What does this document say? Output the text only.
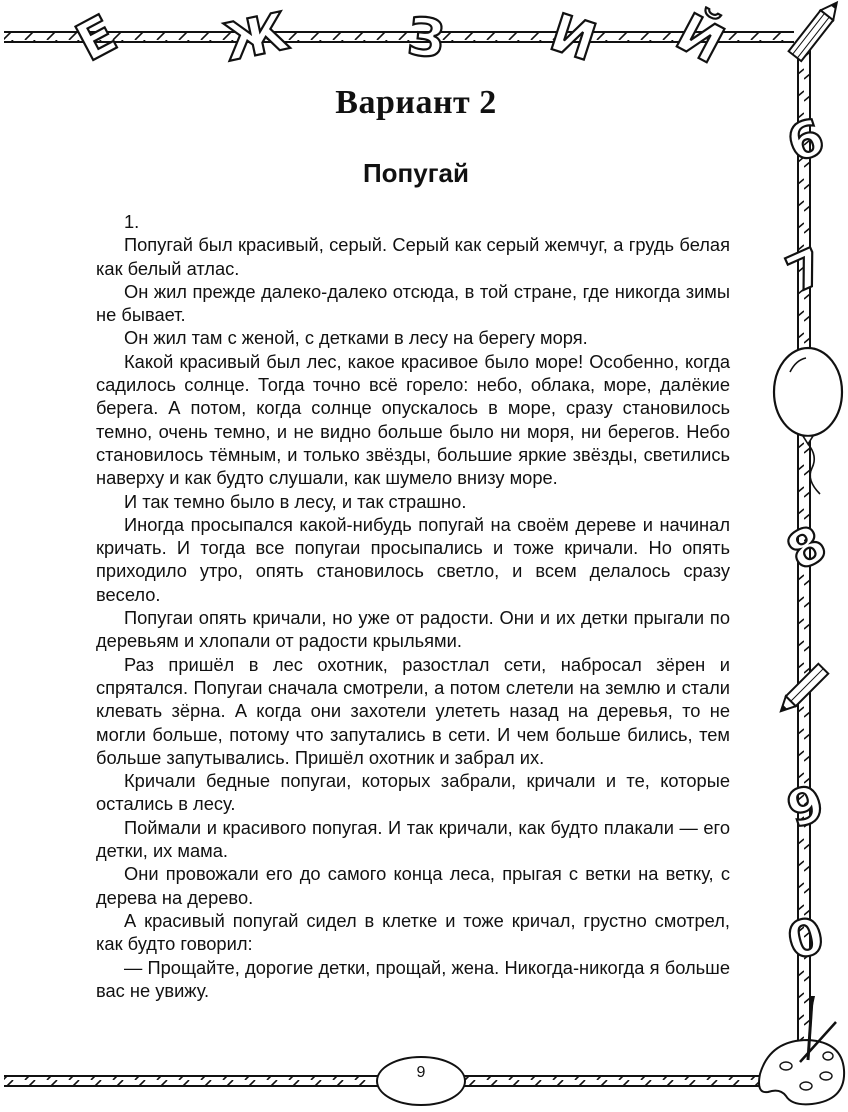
Е Ж З И Й
6
7
8
9
0
Вариант 2
Попугай

1.

Попугай был красивый, серый. Серый как серый жемчуг, а грудь белая как белый атлас.

Он жил прежде далеко-далеко отсюда, в той стране, где никогда зимы не бывает.

Он жил там с женой, с детками в лесу на берегу моря.

Какой красивый был лес, какое красивое было море! Особенно, когда садилось солнце. Тогда точно всё горело: небо, облака, море, далёкие берега. А потом, когда солнце опускалось в море, сразу становилось темно, очень темно, и не видно больше было ни моря, ни берегов. Небо становилось тёмным, и только звёзды, большие яркие звёзды, светились наверху и как будто слушали, как шумело внизу море.

И так темно было в лесу, и так страшно.

Иногда просыпался какой-нибудь попугай на своём дереве и начинал кричать. И тогда все попугаи просыпались и тоже кричали. Но опять приходило утро, опять становилось светло, и всем делалось сразу весело.

Попугаи опять кричали, но уже от радости. Они и их детки прыгали по деревьям и хлопали от радости крыльями.

Раз пришёл в лес охотник, разостлал сети, набросал зёрен и спрятался. Попугаи сначала смотрели, а потом слетели на землю и стали клевать зёрна. А когда они захотели улететь назад на деревья, то не могли больше, потому что запутались в сети. И чем больше бились, тем больше запутывались. Пришёл охотник и забрал их.

Кричали бедные попугаи, которых забрали, кричали и те, которые остались в лесу.

Поймали и красивого попугая. И так кричали, как будто плакали — его детки, их мама.

Они провожали его до самого конца леса, прыгая с ветки на ветку, с дерева на дерево.

А красивый попугай сидел в клетке и тоже кричал, грустно смотрел, как будто говорил:

— Прощайте, дорогие детки, прощай, жена. Никогда-никогда я больше вас не увижу.

9
